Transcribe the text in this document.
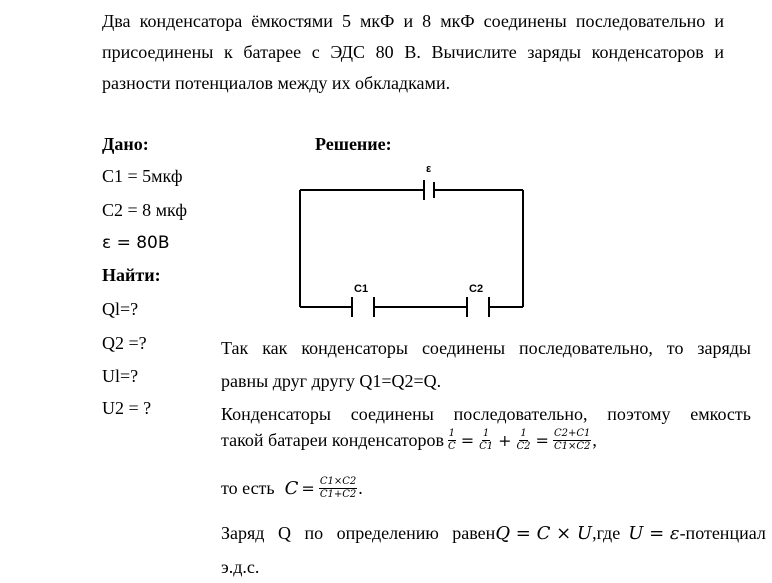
Два конденсатора ёмкостями 5 мкФ и 8 мкФ соединены последовательно и присоединены к батарее с ЭДС 80 В. Вычислите заряды конденсаторов и разности потенциалов между их обкладками.
Дано:
C1 = 5мкф
C2 = 8 мкф
ε = 80В
Найти:
Ql=?
Q2 =?
Ul=?
U2 = ?
Решение:
ε
C1	C2
Так как конденсаторы соединены последовательно, то заряды
равны друг другу Q1=Q2=Q.
Конденсаторы соединены последовательно, поэтому емкость
такой батареи конденсаторов $\frac{1}{C} = \frac{1}{C1} + \frac{1}{C2} = \frac{C2+C1}{C1\times C2}$ ,
то есть $C = \frac{C1\times C2}{C1+C2}$ .
Заряд Q по определению равен Q = C × U ,где U = ε -потенциал
э.д.с.
